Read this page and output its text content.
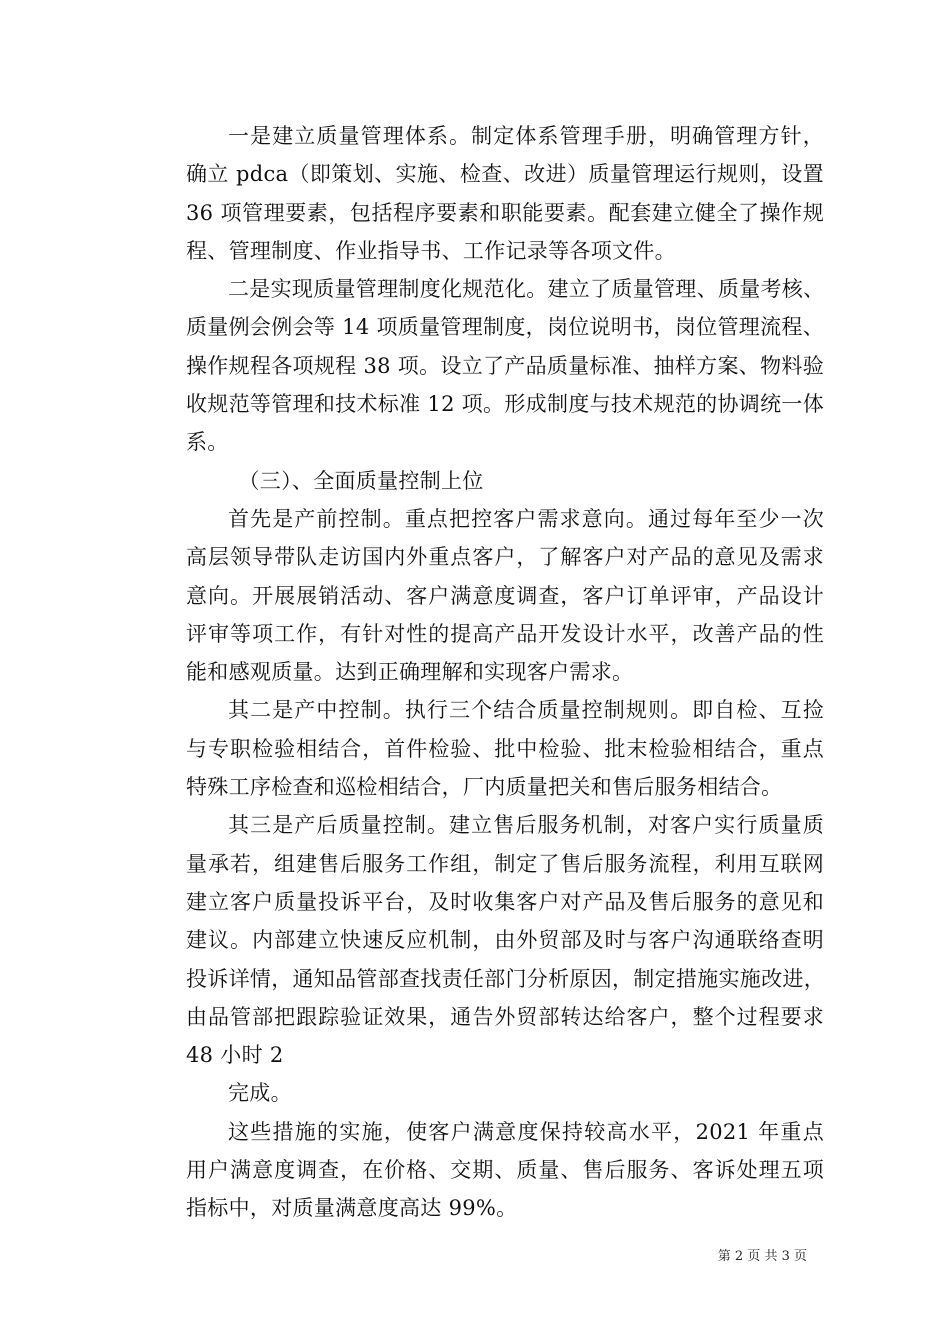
一是建立质量管理体系。制定体系管理手册，明确管理方针，
确立 pdca（即策划、实施、检查、改进）质量管理运行规则，设置
36 项管理要素，包括程序要素和职能要素。配套建立健全了操作规
程、管理制度、作业指导书、工作记录等各项文件。

二是实现质量管理制度化规范化。建立了质量管理、质量考核、
质量例会例会等 14 项质量管理制度，岗位说明书，岗位管理流程、
操作规程各项规程 38 项。设立了产品质量标准、抽样方案、物料验
收规范等管理和技术标准 12 项。形成制度与技术规范的协调统一体
系。

（三）、全面质量控制上位

首先是产前控制。重点把控客户需求意向。通过每年至少一次
高层领导带队走访国内外重点客户，了解客户对产品的意见及需求
意向。开展展销活动、客户满意度调查，客户订单评审，产品设计
评审等项工作，有针对性的提高产品开发设计水平，改善产品的性
能和感观质量。达到正确理解和实现客户需求。

其二是产中控制。执行三个结合质量控制规则。即自检、互捡
与专职检验相结合，首件检验、批中检验、批末检验相结合，重点
特殊工序检查和巡检相结合，厂内质量把关和售后服务相结合。

其三是产后质量控制。建立售后服务机制，对客户实行质量质
量承若，组建售后服务工作组，制定了售后服务流程，利用互联网
建立客户质量投诉平台，及时收集客户对产品及售后服务的意见和
建议。内部建立快速反应机制，由外贸部及时与客户沟通联络查明
投诉详情，通知品管部查找责任部门分析原因，制定措施实施改进，
由品管部把跟踪验证效果，通告外贸部转达给客户，整个过程要求
48 小时 2

完成。

这些措施的实施，使客户满意度保持较高水平，2021 年重点
用户满意度调查，在价格、交期、质量、售后服务、客诉处理五项
指标中，对质量满意度高达 99%。

第 2 页 共 3 页
